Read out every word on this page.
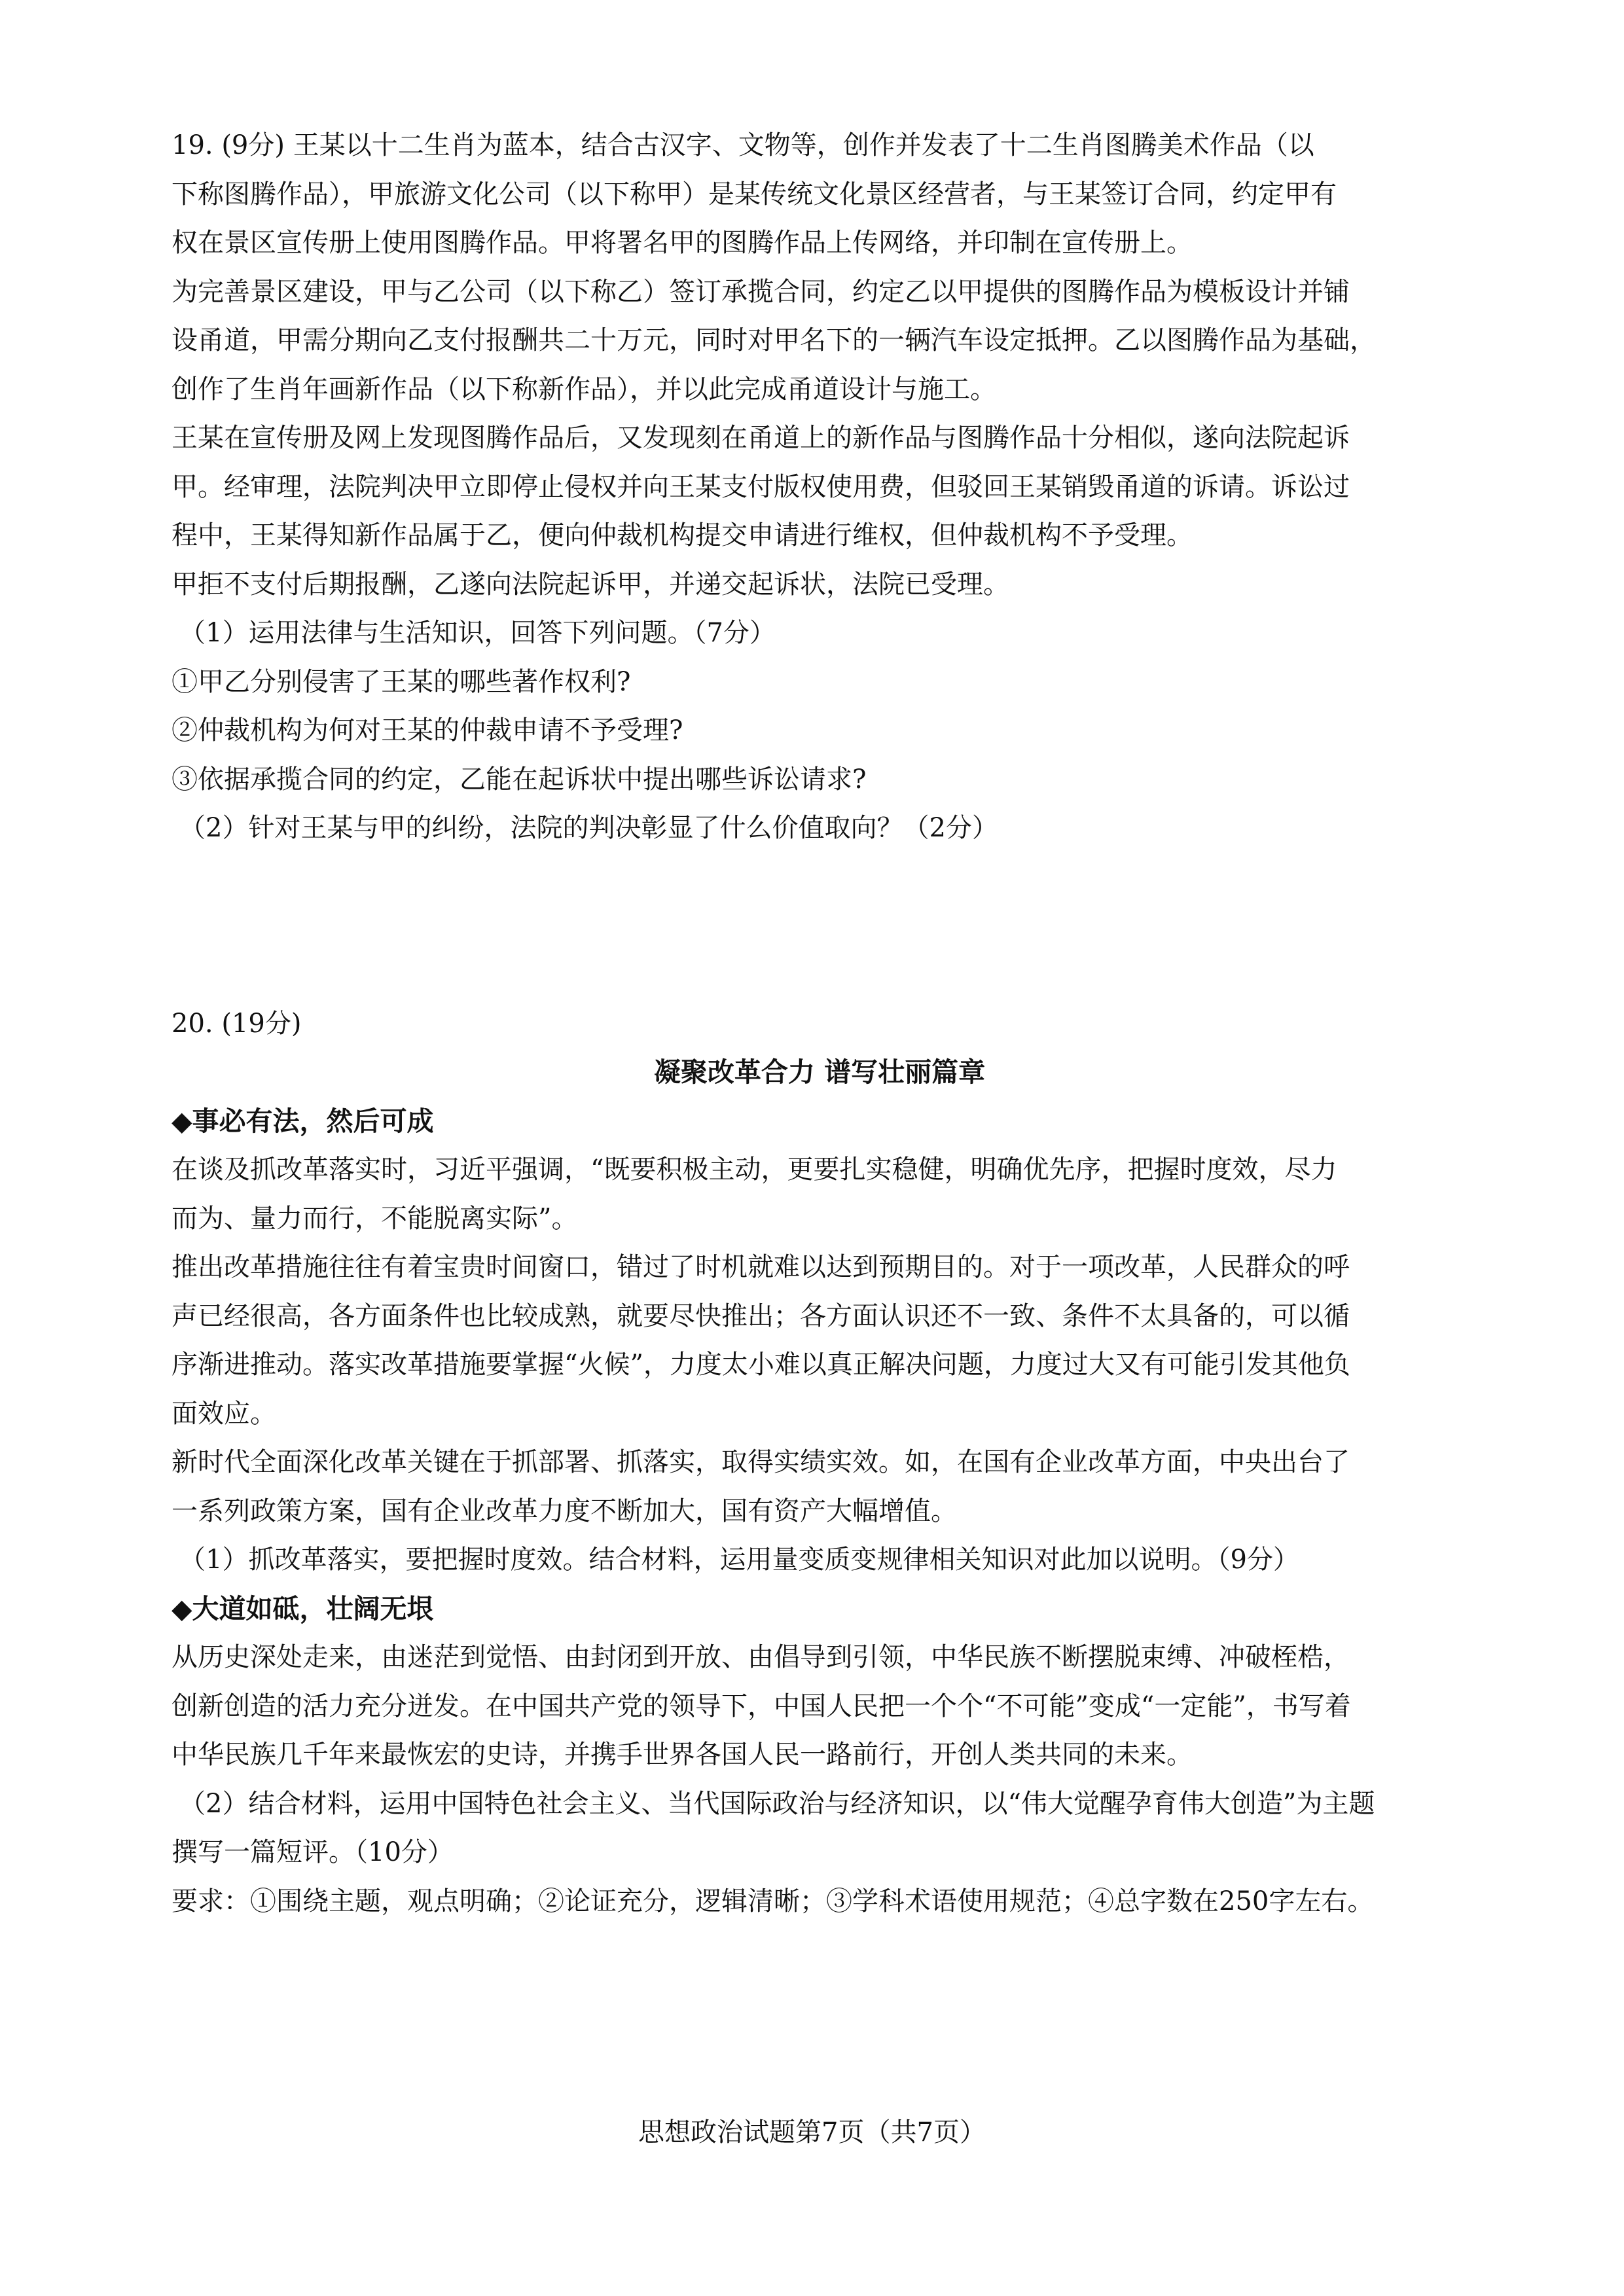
19. (9分) 王某以十二生肖为蓝本，结合古汉字、文物等，创作并发表了十二生肖图腾美术作品（以

下称图腾作品），甲旅游文化公司（以下称甲）是某传统文化景区经营者，与王某签订合同，约定甲有

权在景区宣传册上使用图腾作品。甲将署名甲的图腾作品上传网络，并印制在宣传册上。

为完善景区建设，甲与乙公司（以下称乙）签订承揽合同，约定乙以甲提供的图腾作品为模板设计并铺

设甬道，甲需分期向乙支付报酬共二十万元，同时对甲名下的一辆汽车设定抵押。乙以图腾作品为基础，

创作了生肖年画新作品（以下称新作品），并以此完成甬道设计与施工。

王某在宣传册及网上发现图腾作品后，又发现刻在甬道上的新作品与图腾作品十分相似，遂向法院起诉

甲。经审理，法院判决甲立即停止侵权并向王某支付版权使用费，但驳回王某销毁甬道的诉请。诉讼过

程中，王某得知新作品属于乙，便向仲裁机构提交申请进行维权，但仲裁机构不予受理。

甲拒不支付后期报酬，乙遂向法院起诉甲，并递交起诉状，法院已受理。

（1）运用法律与生活知识，回答下列问题。（7分）

①甲乙分别侵害了王某的哪些著作权利?

②仲裁机构为何对王某的仲裁申请不予受理?

③依据承揽合同的约定，乙能在起诉状中提出哪些诉讼请求?

（2）针对王某与甲的纠纷，法院的判决彰显了什么价值取向？（2分）

20. (19分)

凝聚改革合力 谱写壮丽篇章

◆事必有法，然后可成

在谈及抓改革落实时，习近平强调，“既要积极主动，更要扎实稳健，明确优先序，把握时度效，尽力

而为、量力而行，不能脱离实际”。

推出改革措施往往有着宝贵时间窗口，错过了时机就难以达到预期目的。对于一项改革，人民群众的呼

声已经很高，各方面条件也比较成熟，就要尽快推出；各方面认识还不一致、条件不太具备的，可以循

序渐进推动。落实改革措施要掌握“火候”，力度太小难以真正解决问题，力度过大又有可能引发其他负

面效应。

新时代全面深化改革关键在于抓部署、抓落实，取得实绩实效。如，在国有企业改革方面，中央出台了

一系列政策方案，国有企业改革力度不断加大，国有资产大幅增值。

（1）抓改革落实，要把握时度效。结合材料，运用量变质变规律相关知识对此加以说明。（9分）

◆大道如砥，壮阔无垠

从历史深处走来，由迷茫到觉悟、由封闭到开放、由倡导到引领，中华民族不断摆脱束缚、冲破桎梏，

创新创造的活力充分迸发。在中国共产党的领导下，中国人民把一个个“不可能”变成“一定能”，书写着

中华民族几千年来最恢宏的史诗，并携手世界各国人民一路前行，开创人类共同的未来。

（2）结合材料，运用中国特色社会主义、当代国际政治与经济知识，以“伟大觉醒孕育伟大创造”为主题

撰写一篇短评。（10分）

要求：①围绕主题，观点明确；②论证充分，逻辑清晰；③学科术语使用规范；④总字数在250字左右。

思想政治试题第7页（共7页）
